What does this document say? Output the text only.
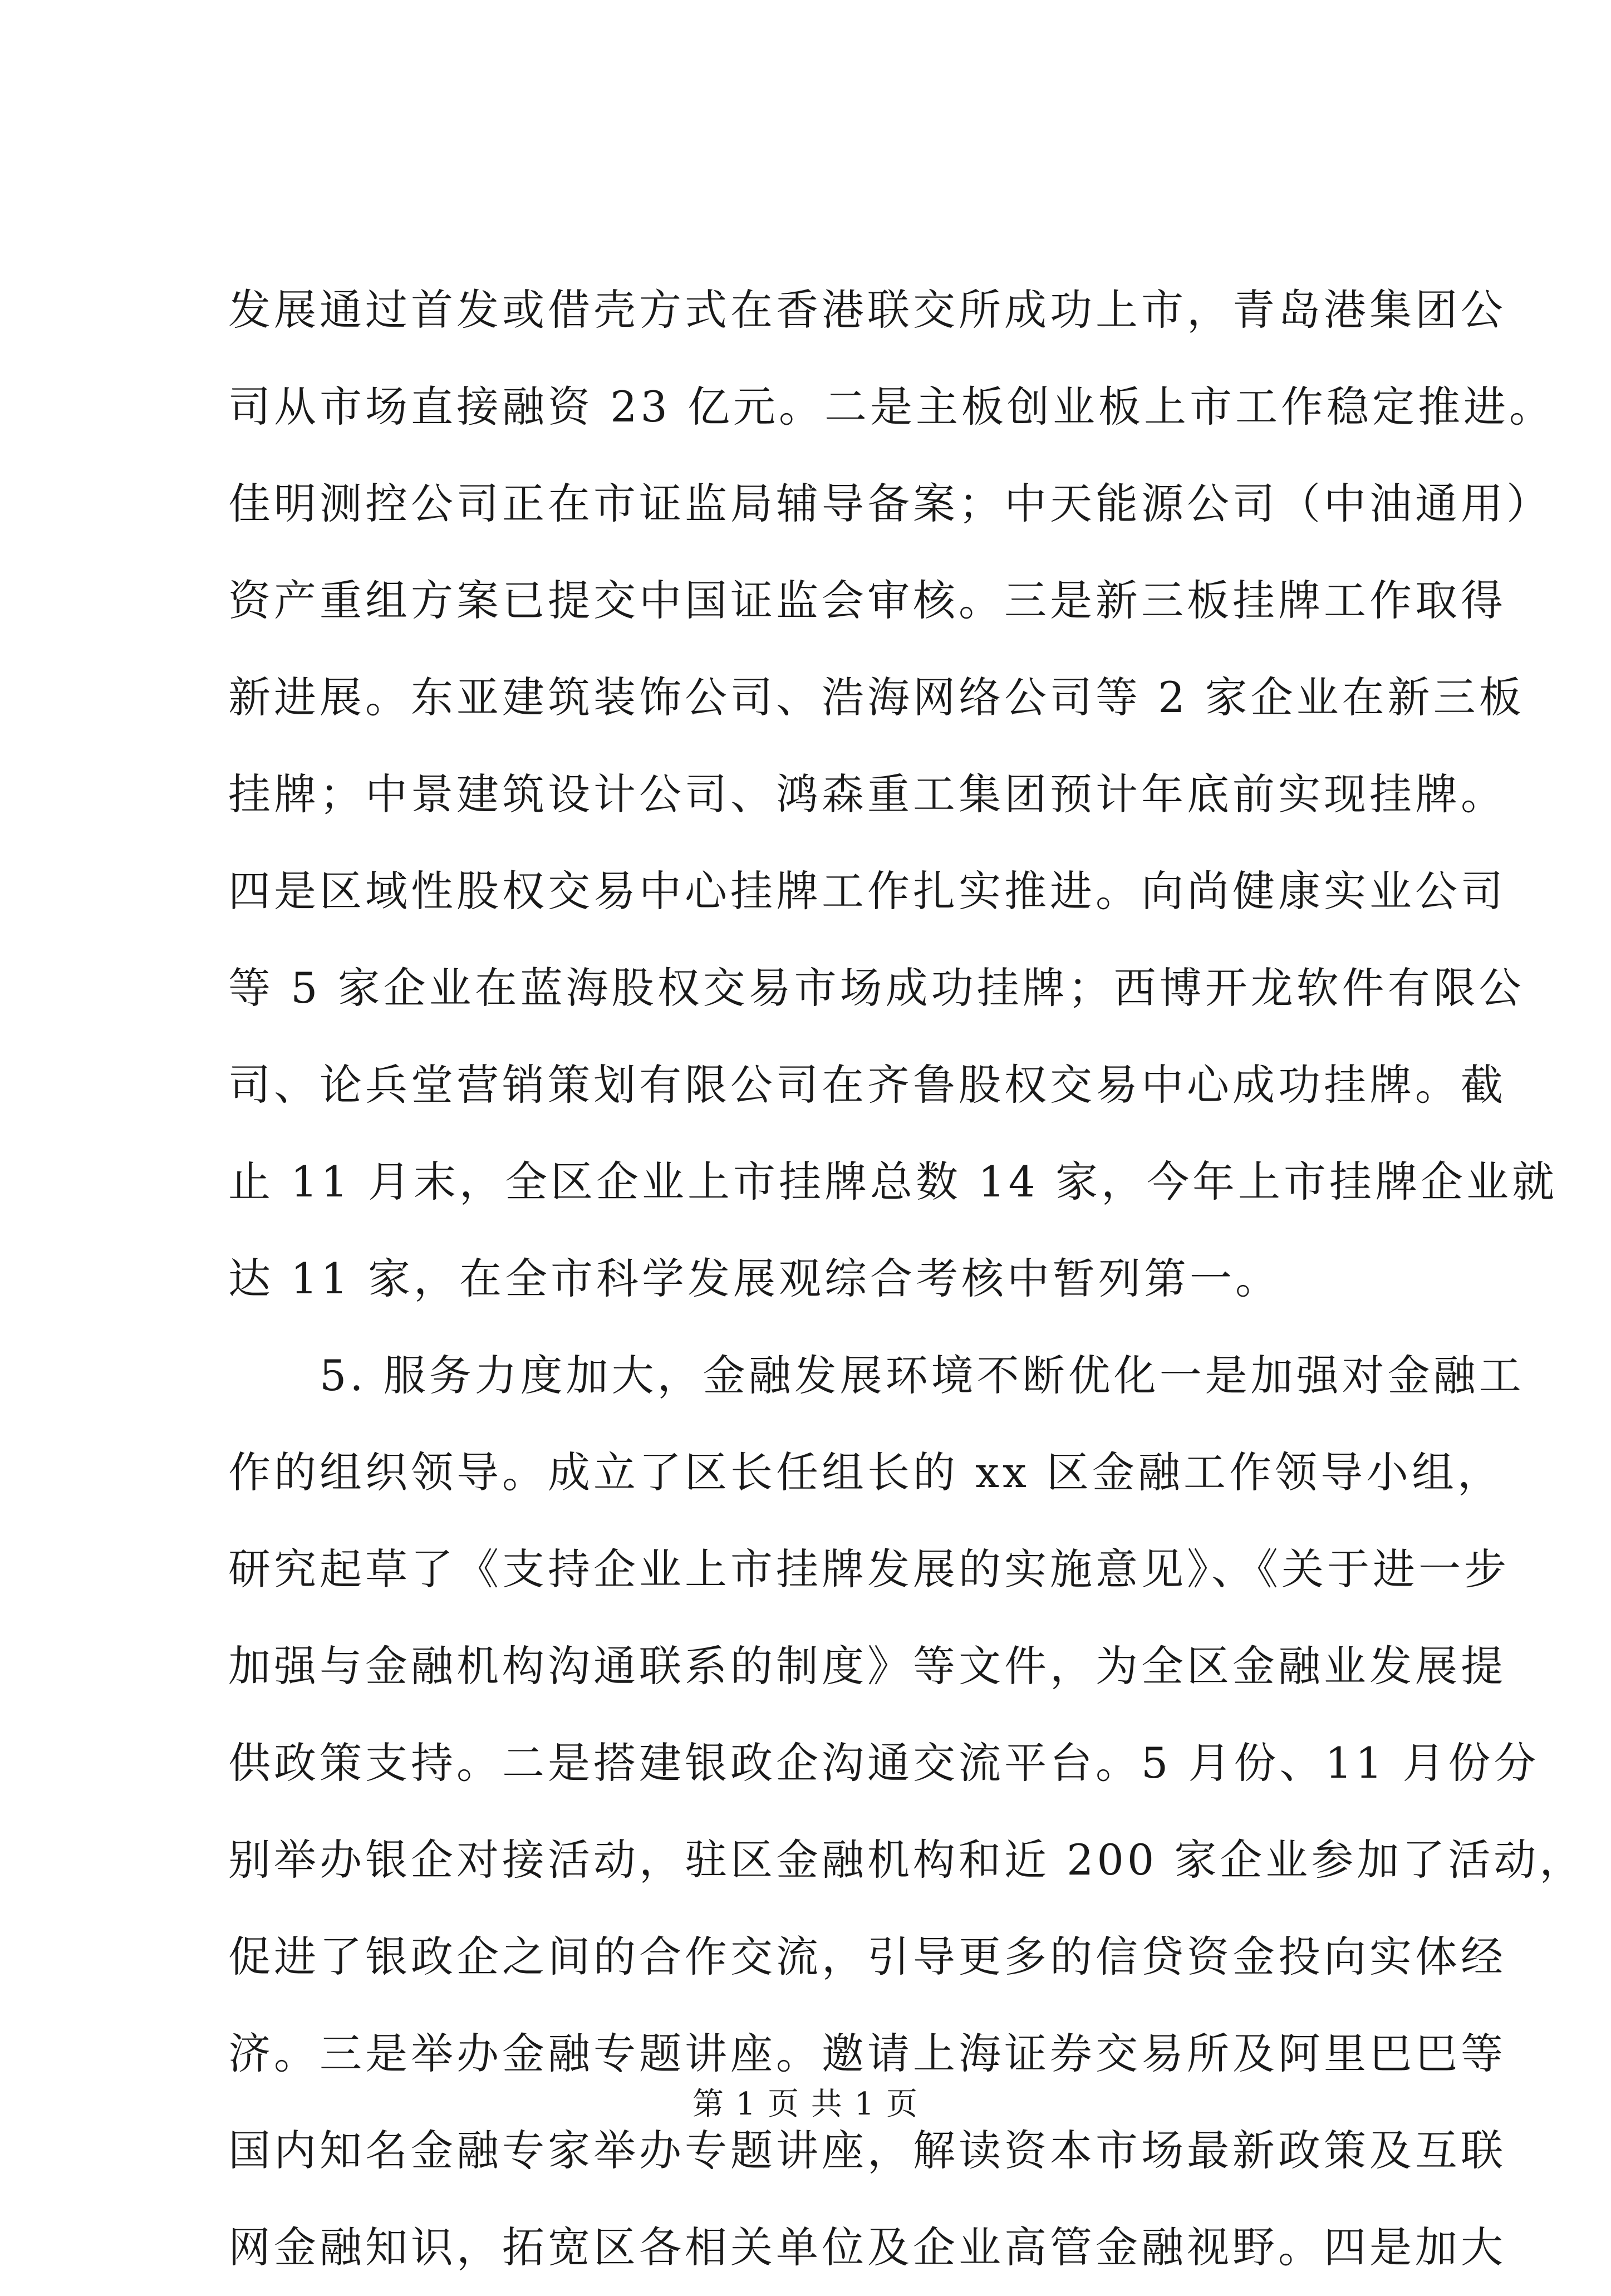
发展通过首发或借壳方式在香港联交所成功上市，青岛港集团公
司从市场直接融资 23 亿元。二是主板创业板上市工作稳定推进。
佳明测控公司正在市证监局辅导备案；中天能源公司（中油通用）
资产重组方案已提交中国证监会审核。三是新三板挂牌工作取得
新进展。东亚建筑装饰公司、浩海网络公司等 2 家企业在新三板
挂牌；中景建筑设计公司、鸿森重工集团预计年底前实现挂牌。
四是区域性股权交易中心挂牌工作扎实推进。向尚健康实业公司
等 5 家企业在蓝海股权交易市场成功挂牌；西博开龙软件有限公
司、论兵堂营销策划有限公司在齐鲁股权交易中心成功挂牌。截
止 11 月末，全区企业上市挂牌总数 14 家，今年上市挂牌企业就
达 11 家，在全市科学发展观综合考核中暂列第一。
　　5. 服务力度加大，金融发展环境不断优化一是加强对金融工
作的组织领导。成立了区长任组长的 xx 区金融工作领导小组，
研究起草了《支持企业上市挂牌发展的实施意见》、《关于进一步
加强与金融机构沟通联系的制度》等文件，为全区金融业发展提
供政策支持。二是搭建银政企沟通交流平台。5 月份、11 月份分
别举办银企对接活动，驻区金融机构和近 200 家企业参加了活动，
促进了银政企之间的合作交流，引导更多的信贷资金投向实体经
济。三是举办金融专题讲座。邀请上海证券交易所及阿里巴巴等
国内知名金融专家举办专题讲座，解读资本市场最新政策及互联
网金融知识，拓宽区各相关单位及企业高管金融视野。四是加大
第 1 页 共 1 页
